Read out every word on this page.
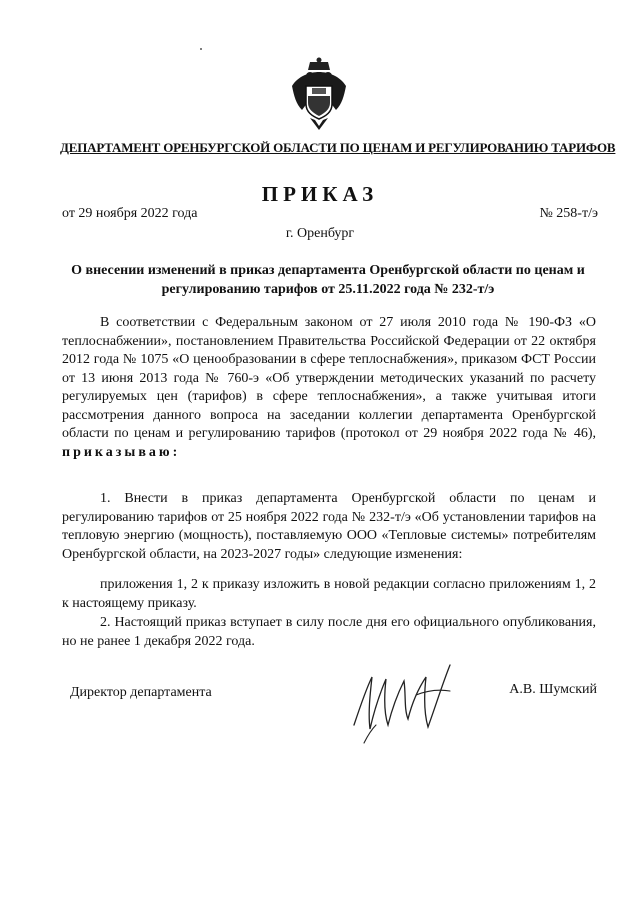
ДЕПАРТАМЕНТ ОРЕНБУРГСКОЙ ОБЛАСТИ ПО ЦЕНАМ И РЕГУЛИРОВАНИЮ ТАРИФОВ
ПРИКАЗ
от 29 ноября 2022 года	№ 258-т/э
г. Оренбург
О внесении изменений в приказ департамента Оренбургской области по ценам и регулированию тарифов от 25.11.2022 года № 232-т/э
В соответствии с Федеральным законом от 27 июля 2010 года № 190-ФЗ «О теплоснабжении», постановлением Правительства Российской Федерации от 22 октября 2012 года № 1075 «О ценообразовании в сфере теплоснабжения», приказом ФСТ России от 13 июня 2013 года № 760-э «Об утверждении методических указаний по расчету регулируемых цен (тарифов) в сфере теплоснабжения», а также учитывая итоги рассмотрения данного вопроса на заседании коллегии департамента Оренбургской области по ценам и регулированию тарифов (протокол от 29 ноября 2022 года № 46), приказываю:
1. Внести в приказ департамента Оренбургской области по ценам и регулированию тарифов от 25 ноября 2022 года № 232-т/э «Об установлении тарифов на тепловую энергию (мощность), поставляемую ООО «Тепловые системы» потребителям Оренбургской области, на 2023-2027 годы» следующие изменения:
приложения 1, 2 к приказу изложить в новой редакции согласно приложениям 1, 2 к настоящему приказу.
2. Настоящий приказ вступает в силу после дня его официального опубликования, но не ранее 1 декабря 2022 года.
Директор департамента	А.В. Шумский
